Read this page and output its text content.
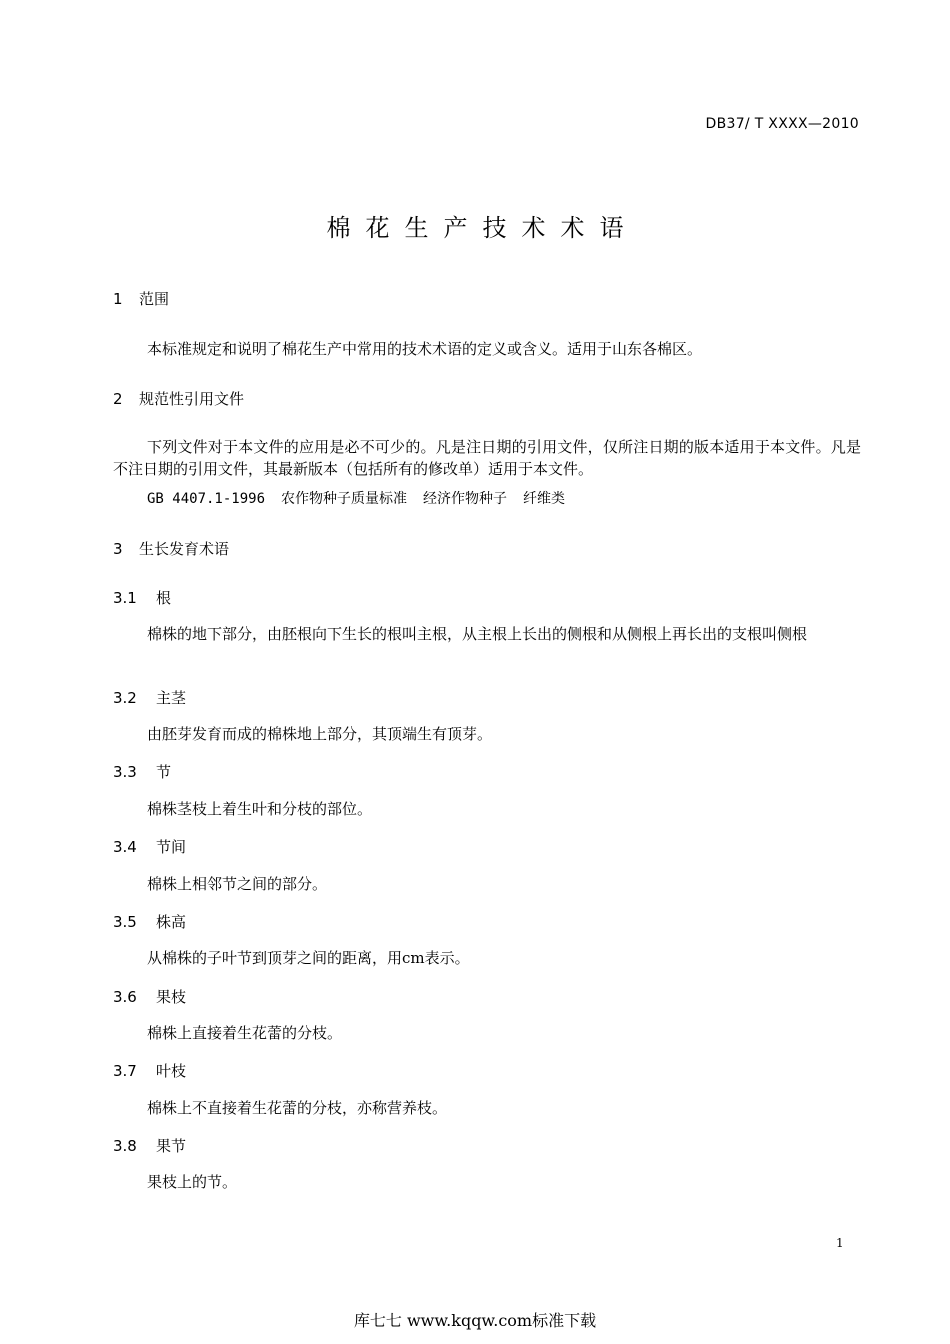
DB37/ T XXXX—2010
棉花生产技术术语
1 范围
本标准规定和说明了棉花生产中常用的技术术语的定义或含义。适用于山东各棉区。
2 规范性引用文件
下列文件对于本文件的应用是必不可少的。凡是注日期的引用文件，仅所注日期的版本适用于本文件。凡是不注日期的引用文件，其最新版本（包括所有的修改单）适用于本文件。
GB 4407.1-1996 农作物种子质量标准 经济作物种子 纤维类
3 生长发育术语
3.1 根
棉株的地下部分，由胚根向下生长的根叫主根，从主根上长出的侧根和从侧根上再长出的支根叫侧根
3.2 主茎
由胚芽发育而成的棉株地上部分，其顶端生有顶芽。
3.3 节
棉株茎枝上着生叶和分枝的部位。
3.4 节间
棉株上相邻节之间的部分。
3.5 株高
从棉株的子叶节到顶芽之间的距离，用cm表示。
3.6 果枝
棉株上直接着生花蕾的分枝。
3.7 叶枝
棉株上不直接着生花蕾的分枝，亦称营养枝。
3.8 果节
果枝上的节。
1
库七七 www.kqqw.com标准下载
